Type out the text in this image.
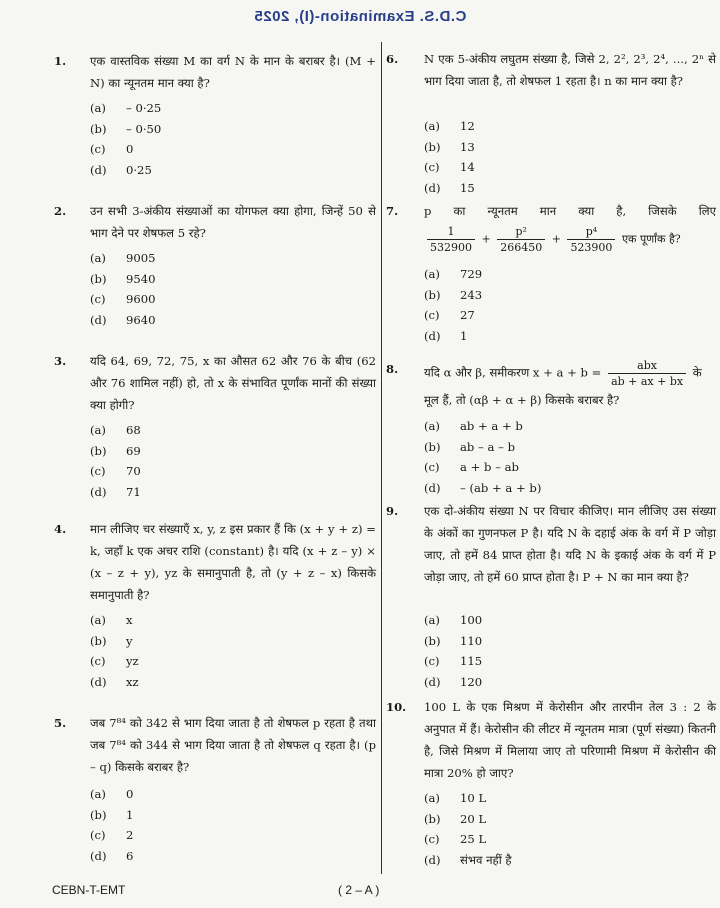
C.D.S. Examination-(I), 2025
1. एक वास्तविक संख्या M का वर्ग N के मान के बराबर है। (M + N) का न्यूनतम मान क्या है?
(a) – 0·25
(b) – 0·50
(c) 0
(d) 0·25
2. उन सभी 3-अंकीय संख्याओं का योगफल क्या होगा, जिन्हें 50 से भाग देने पर शेषफल 5 रहे?
(a) 9005
(b) 9540
(c) 9600
(d) 9640
3. यदि 64, 69, 72, 75, x का औसत 62 और 76 के बीच (62 और 76 शामिल नहीं) हो, तो x के संभावित पूर्णांक मानों की संख्या क्या होगी?
(a) 68
(b) 69
(c) 70
(d) 71
4. मान लीजिए चर संख्याएँ x, y, z इस प्रकार हैं कि (x + y + z) = k, जहाँ k एक अचर राशि (constant) है। यदि (x + z – y) × (x – z + y), yz के समानुपाती है, तो (y + z – x) किसके समानुपाती है?
(a) x
(b) y
(c) yz
(d) xz
5. जब 7⁸⁴ को 342 से भाग दिया जाता है तो शेषफल p रहता है तथा जब 7⁸⁴ को 344 से भाग दिया जाता है तो शेषफल q रहता है। (p – q) किसके बराबर है?
(a) 0
(b) 1
(c) 2
(d) 6
6. N एक 5-अंकीय लघुतम संख्या है, जिसे 2, 2², 2³, 2⁴, ..., 2ⁿ से भाग दिया जाता है, तो शेषफल 1 रहता है। n का मान क्या है?
(a) 12
(b) 13
(c) 14
(d) 15
7. p का न्यूनतम मान क्या है, जिसके लिए
$\frac{1}{532900} + \frac{\text{p²}}{266450} + \frac{\text{p⁴}}{523900}$ एक पूर्णांक है?
(a) 729
(b) 243
(c) 27
(d) 1
8. यदि α और β, समीकरण $x + a + b = \frac{\text{abx}}{ab + ax + bx}$ के
मूल हैं, तो (αβ + α + β) किसके बराबर है?
(a) ab + a + b
(b) ab – a – b
(c) a + b – ab
(d) – (ab + a + b)
9. एक दो-अंकीय संख्या N पर विचार कीजिए। मान लीजिए उस संख्या के अंकों का गुणनफल P है। यदि N के दहाई अंक के वर्ग में P जोड़ा जाए, तो हमें 84 प्राप्त होता है। यदि N के इकाई अंक के वर्ग में P जोड़ा जाए, तो हमें 60 प्राप्त होता है। P + N का मान क्या है?
(a) 100
(b) 110
(c) 115
(d) 120
10. 100 L के एक मिश्रण में केरोसीन और तारपीन तेल 3 : 2 के अनुपात में हैं। केरोसीन की लीटर में न्यूनतम मात्रा (पूर्ण संख्या) कितनी है, जिसे मिश्रण में मिलाया जाए तो परिणामी मिश्रण में केरोसीन की मात्रा 20% हो जाए?
(a) 10 L
(b) 20 L
(c) 25 L
(d) संभव नहीं है
CEBN-T-EMT	( 2 – A )
